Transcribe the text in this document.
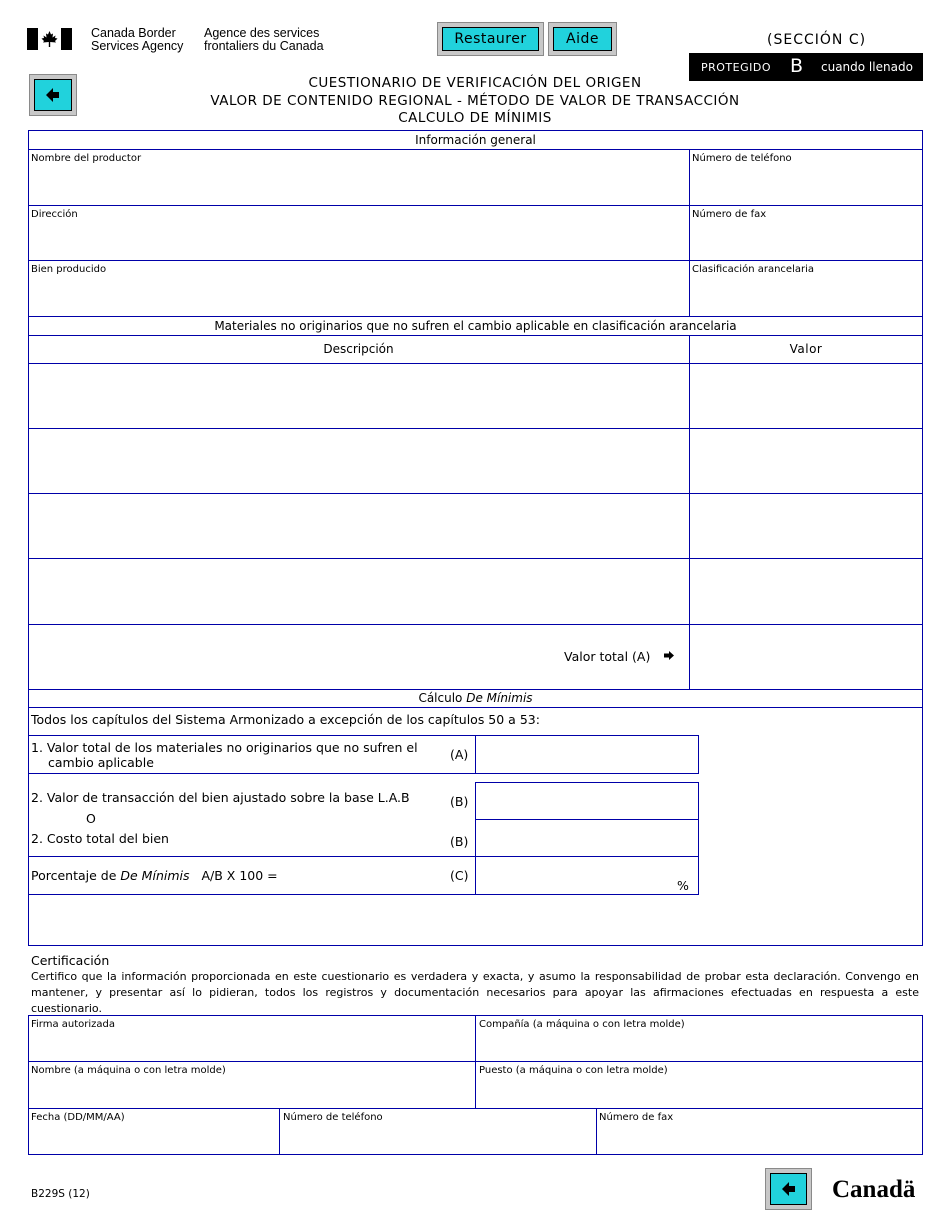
Canada Border
Services Agency
Agence des services
frontaliers du Canada	Restaurer	Aide	(SECCIÓN C)
PROTEGIDO B cuando llenado
CUESTIONARIO DE VERIFICACIÓN DEL ORIGEN
VALOR DE CONTENIDO REGIONAL - MÉTODO DE VALOR DE TRANSACCIÓN
CALCULO DE MÍNIMIS
Información general
Nombre del productor	Número de teléfono
Dirección	Número de fax
Bien producido	Clasificación arancelaria
Materiales no originarios que no sufren el cambio aplicable en clasificación arancelaria
Descripción	Valor
Valor total (A)
Cálculo De Mínimis
Todos los capítulos del Sistema Armonizado a excepción de los capítulos 50 a 53:
1. Valor total de los materiales no originarios que no sufren el
cambio aplicable
(A)
2. Valor de transacción del bien ajustado sobre la base L.A.B	(B)
O
2. Costo total del bien	(B)
Porcentaje de De Mínimis A/B X 100 =	(C)
%
Certificación
Certifico que la información proporcionada en este cuestionario es verdadera y exacta, y asumo la responsabilidad de probar esta declaración. Convengo en mantener, y presentar así lo pidieran, todos los registros y documentación necesarios para apoyar las afirmaciones efectuadas en respuesta a este cuestionario.
Firma autorizada	Compañía (a máquina o con letra molde)
Nombre (a máquina o con letra molde)	Puesto (a máquina o con letra molde)
Fecha (DD/MM/AA)	Número de teléfono	Número de fax
B229S (12)	Canadä
